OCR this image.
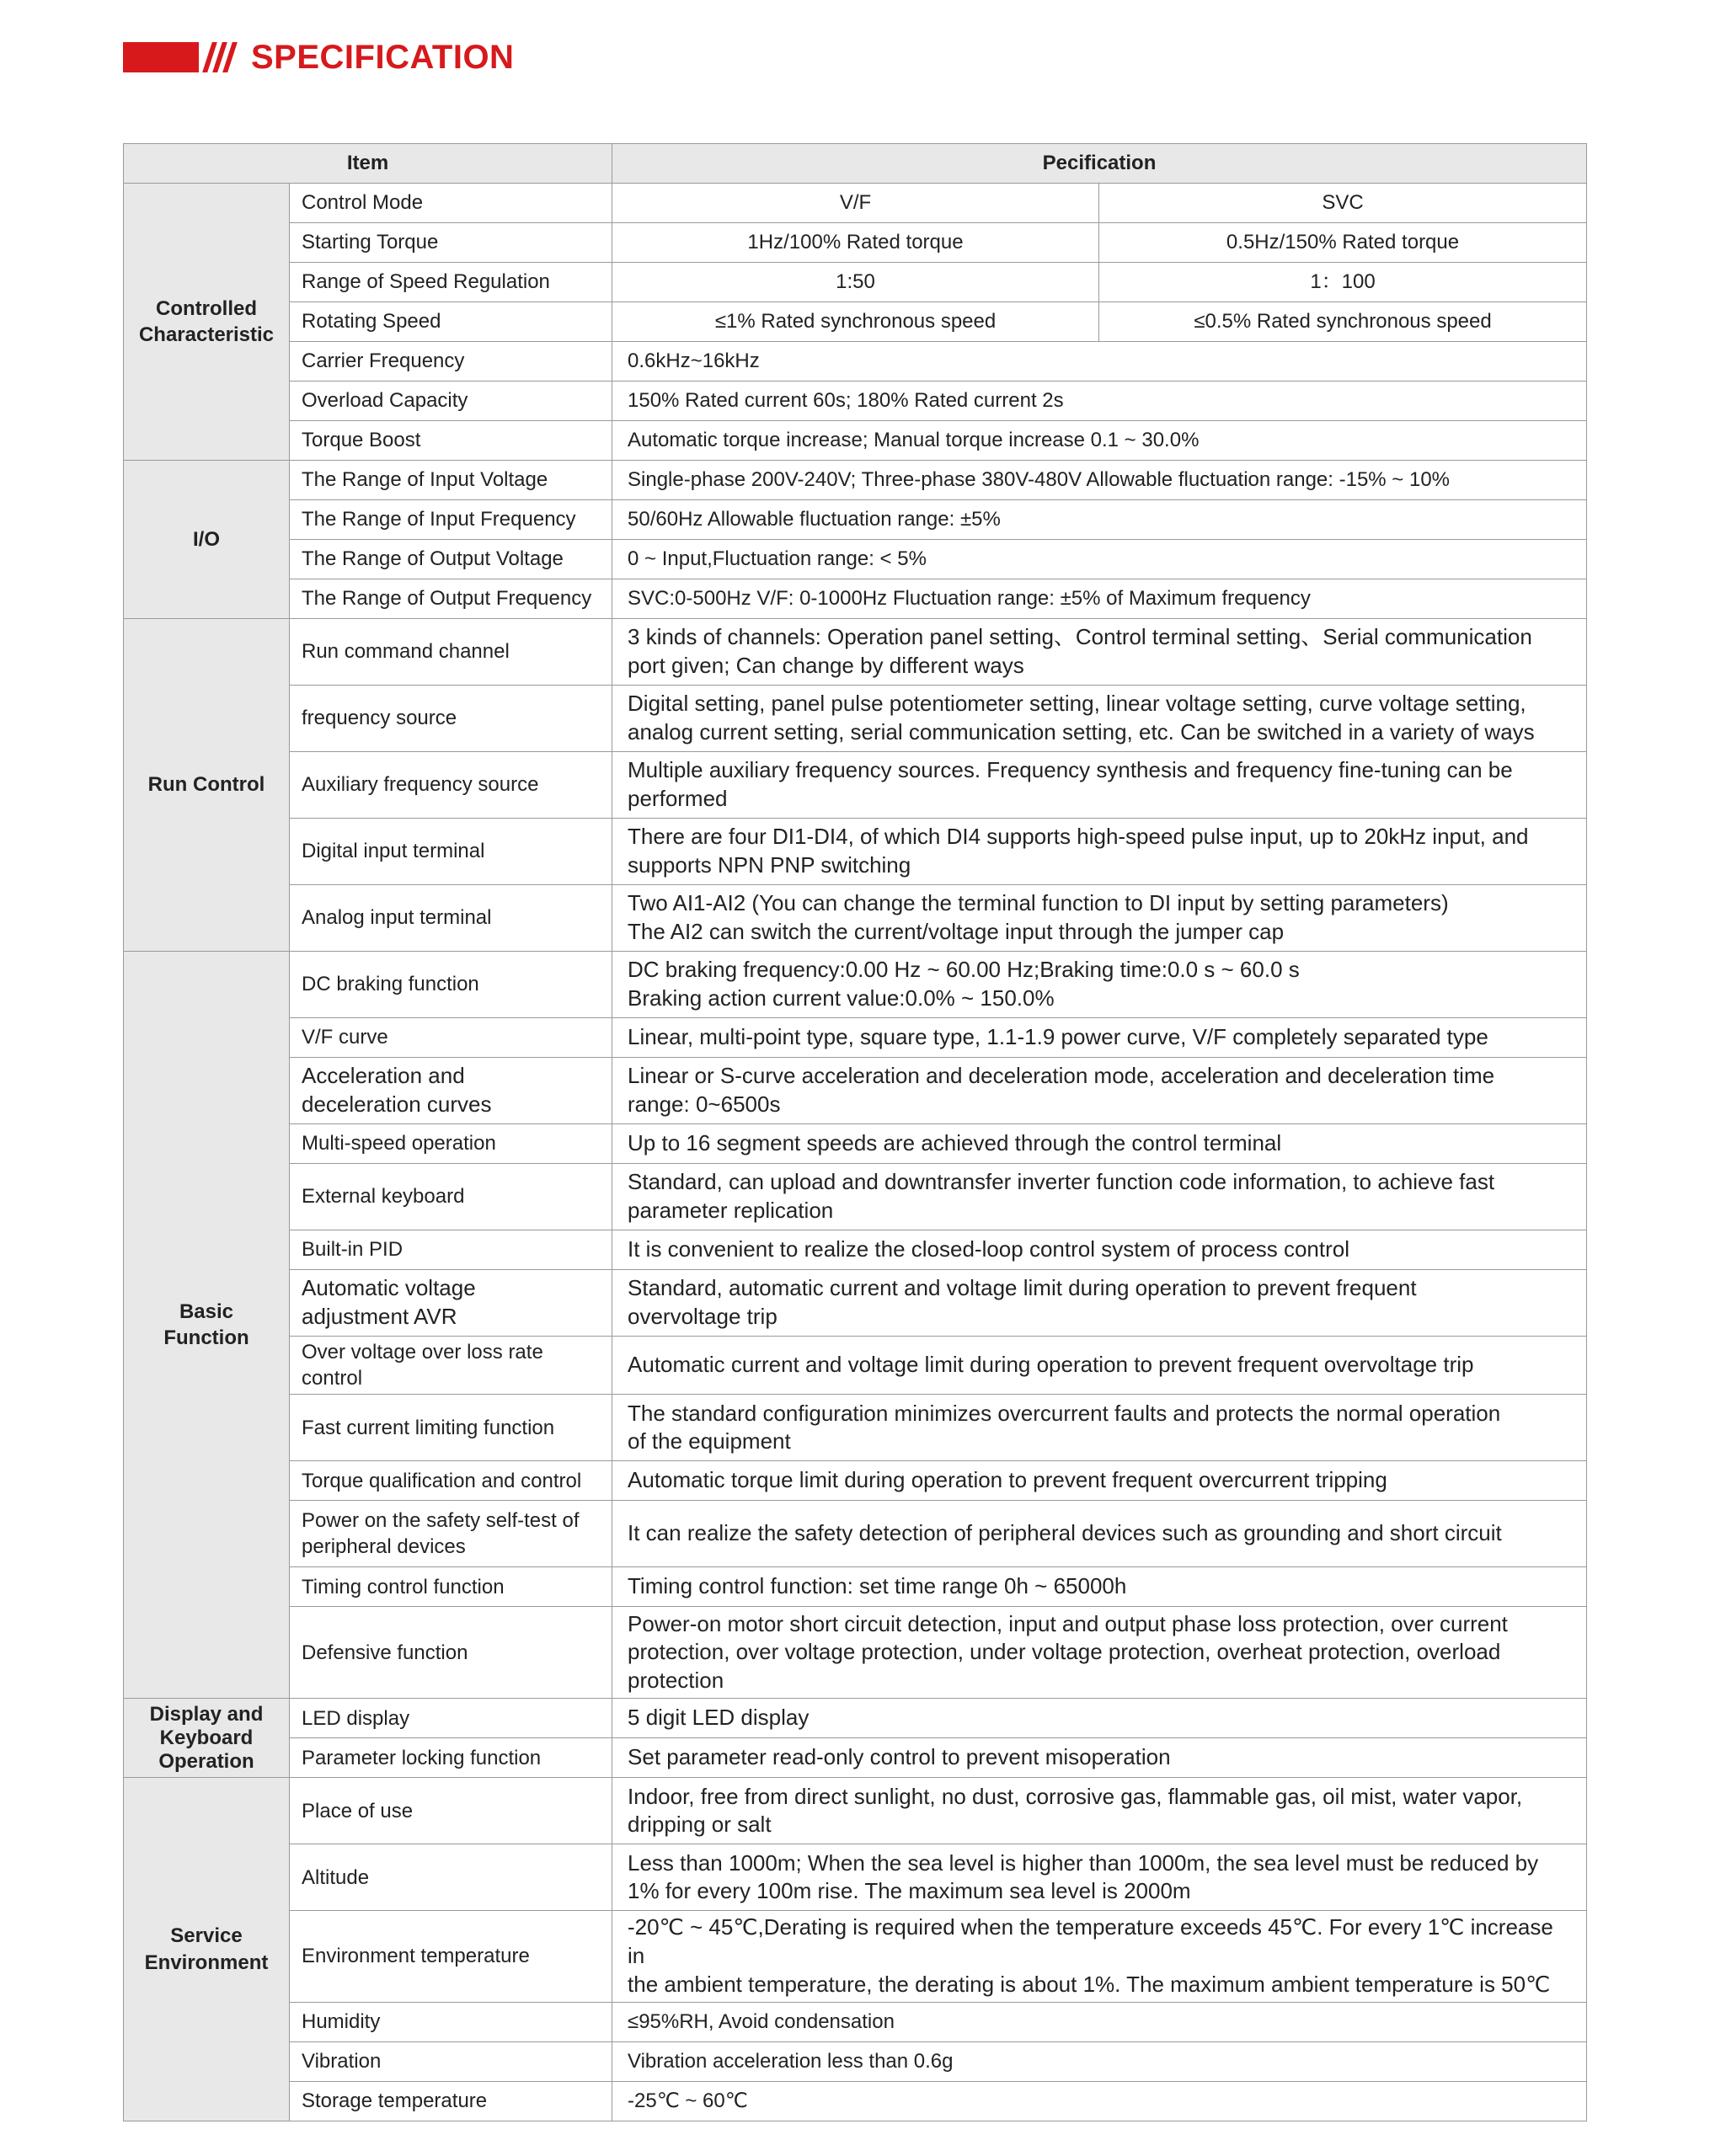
SPECIFICATION
Item		Pecification	
Controlled
Characteristic	Control Mode	V/F	SVC
	Starting Torque	1Hz/100% Rated torque	0.5Hz/150% Rated torque
	Range of Speed Regulation	1:50	1：100
	Rotating Speed	≤1% Rated synchronous speed	≤0.5% Rated synchronous speed
	Carrier Frequency	0.6kHz~16kHz	
	Overload Capacity	150% Rated current 60s; 180% Rated current 2s	
	Torque Boost	Automatic torque increase; Manual torque increase 0.1 ~ 30.0%	
I/O	The Range of Input Voltage	Single-phase 200V-240V; Three-phase 380V-480V Allowable fluctuation range: -15% ~ 10%	
	The Range of Input Frequency	50/60Hz Allowable fluctuation range: ±5%	
	The Range of Output Voltage	0 ~ Input,Fluctuation range: < 5%	
	The Range of Output Frequency	SVC:0-500Hz V/F: 0-1000Hz Fluctuation range: ±5% of Maximum frequency	
Run Control	Run command channel	3 kinds of channels: Operation panel setting、Control terminal setting、Serial communication
port given; Can change by different ways	
	frequency source	Digital setting, panel pulse potentiometer setting, linear voltage setting, curve voltage setting,
analog current setting, serial communication setting, etc. Can be switched in a variety of ways	
	Auxiliary frequency source	Multiple auxiliary frequency sources. Frequency synthesis and frequency fine-tuning can be
performed	
	Digital input terminal	There are four DI1-DI4, of which DI4 supports high-speed pulse input, up to 20kHz input, and
supports NPN PNP switching	
	Analog input terminal	Two AI1-AI2 (You can change the terminal function to DI input by setting parameters)
The AI2 can switch the current/voltage input through the jumper cap	
Basic
Function	DC braking function	DC braking frequency:0.00 Hz ~ 60.00 Hz;Braking time:0.0 s ~ 60.0 s
Braking action current value:0.0% ~ 150.0%	
	V/F curve	Linear, multi-point type, square type, 1.1-1.9 power curve, V/F completely separated type	
	Acceleration and
deceleration curves	Linear or S-curve acceleration and deceleration mode, acceleration and deceleration time
range: 0~6500s	
	Multi-speed operation	Up to 16 segment speeds are achieved through the control terminal	
	External keyboard	Standard, can upload and downtransfer inverter function code information, to achieve fast
parameter replication	
	Built-in PID	It is convenient to realize the closed-loop control system of process control	
	Automatic voltage
adjustment AVR	Standard, automatic current and voltage limit during operation to prevent frequent
overvoltage trip	
	Over voltage over loss rate control	Automatic current and voltage limit during operation to prevent frequent overvoltage trip	
	Fast current limiting function	The standard configuration minimizes overcurrent faults and protects the normal operation
of the equipment	
	Torque qualification and control	Automatic torque limit during operation to prevent frequent overcurrent tripping	
	Power on the safety self-test of
peripheral devices	It can realize the safety detection of peripheral devices such as grounding and short circuit	
	Timing control function	Timing control function: set time range 0h ~ 65000h	
	Defensive function	Power-on motor short circuit detection, input and output phase loss protection, over current
protection, over voltage protection, under voltage protection, overheat protection, overload
protection	
Display and
Keyboard
Operation	LED display	5 digit LED display	
	Parameter locking function	Set parameter read-only control to prevent misoperation	
Service
Environment	Place of use	Indoor, free from direct sunlight, no dust, corrosive gas, flammable gas, oil mist, water vapor,
dripping or salt	
	Altitude	Less than 1000m; When the sea level is higher than 1000m, the sea level must be reduced by
1% for every 100m rise. The maximum sea level is 2000m	
	Environment temperature	-20℃ ~ 45℃,Derating is required when the temperature exceeds 45℃. For every 1℃ increase in
the ambient temperature, the derating is about 1%. The maximum ambient temperature is 50℃	
	Humidity	≤95%RH, Avoid condensation	
	Vibration	Vibration acceleration less than 0.6g	
	Storage temperature	-25℃ ~ 60℃	
